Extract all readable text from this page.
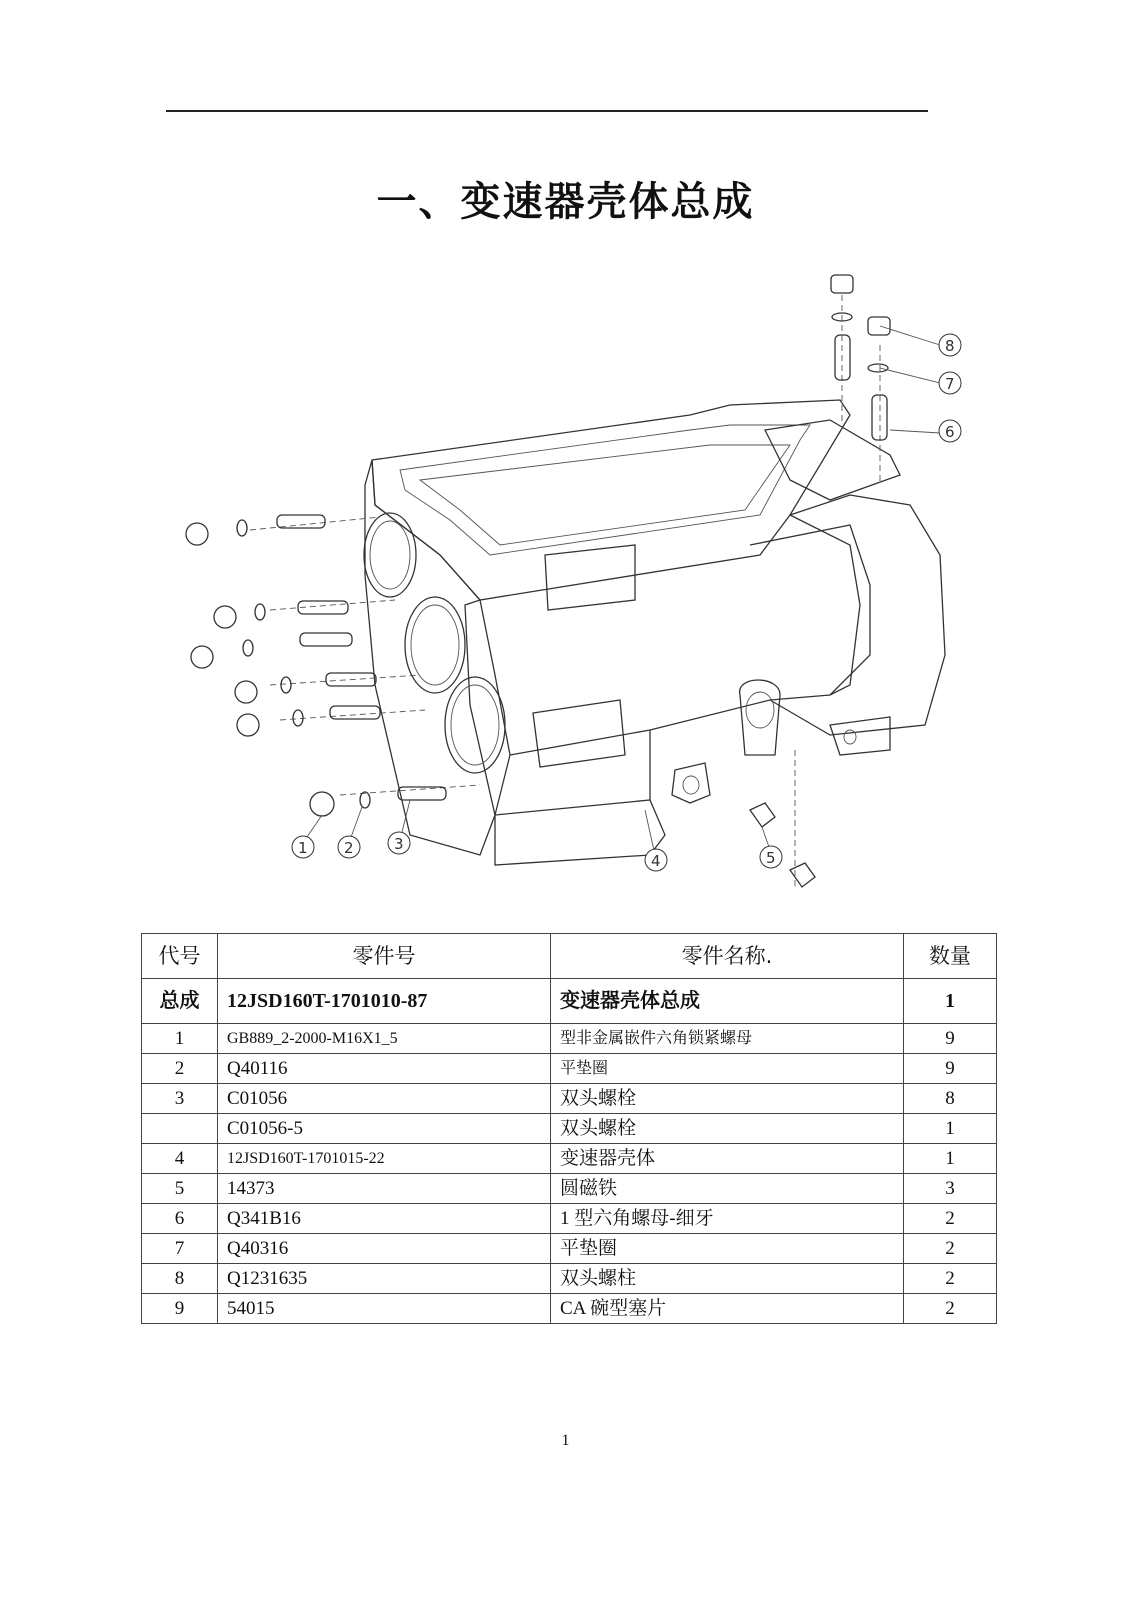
一、变速器壳体总成
1 2	3
4	5
6
7
8
代号	零件号	零件名称.	数量
总成	12JSD160T-1701010-87	变速器壳体总成	1
1	GB889_2-2000-M16X1_5	型非金属嵌件六角锁紧螺母	9
2	Q40116	平垫圈	9
3	C01056	双头螺栓	8
	C01056-5	双头螺栓	1
4	12JSD160T-1701015-22	变速器壳体	1
5	14373	圆磁铁	3
6	Q341B16	1 型六角螺母-细牙	2
7	Q40316	平垫圈	2
8	Q1231635	双头螺柱	2
9	54015	CA 碗型塞片	2
1
